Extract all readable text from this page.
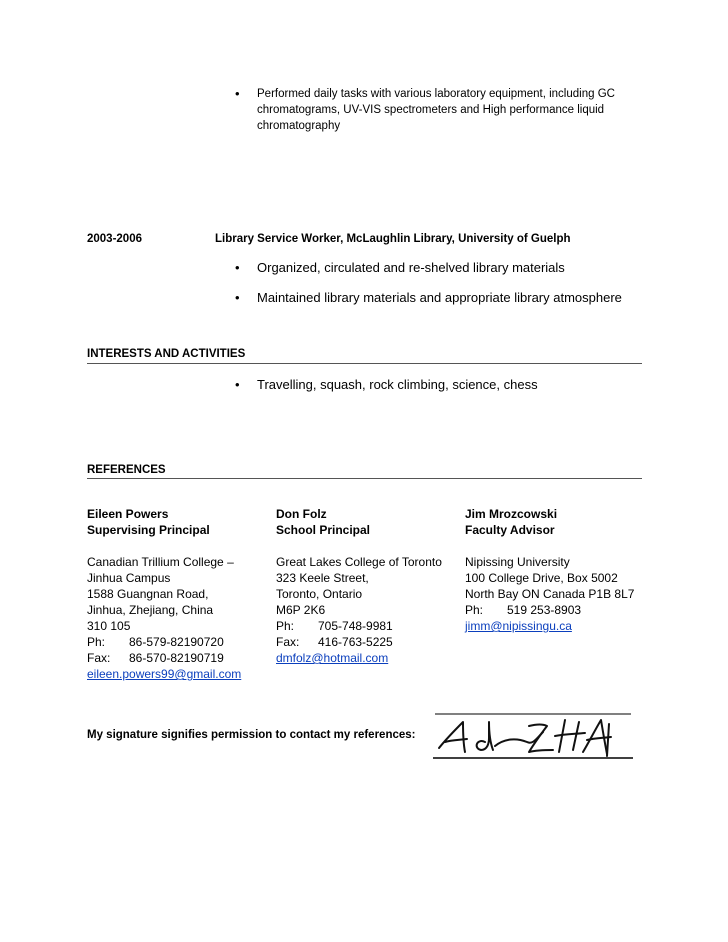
• Performed daily tasks with various laboratory equipment, including GC
chromatograms, UV-VIS spectrometers and High performance liquid
chromatography
2003-2006	Library Service Worker, McLaughlin Library, University of Guelph
• Organized, circulated and re-shelved library materials
• Maintained library materials and appropriate library atmosphere
INTERESTS AND ACTIVITIES
• Travelling, squash, rock climbing, science, chess
REFERENCES
Eileen Powers
Supervising Principal
Canadian Trillium College –
Jinhua Campus
1588 Guangnan Road,
Jinhua, Zhejiang, China
310 105
Ph: 86-579-82190720
Fax: 86-570-82190719
eileen.powers99@gmail.com
Don Folz
School Principal
Great Lakes College of Toronto
323 Keele Street,
Toronto, Ontario
M6P 2K6
Ph: 705-748-9981
Fax: 416-763-5225
dmfolz@hotmail.com
Jim Mrozcowski
Faculty Advisor
Nipissing University
100 College Drive, Box 5002
North Bay ON Canada P1B 8L7
Ph: 519 253-8903
jimm@nipissingu.ca
My signature signifies permission to contact my references:
